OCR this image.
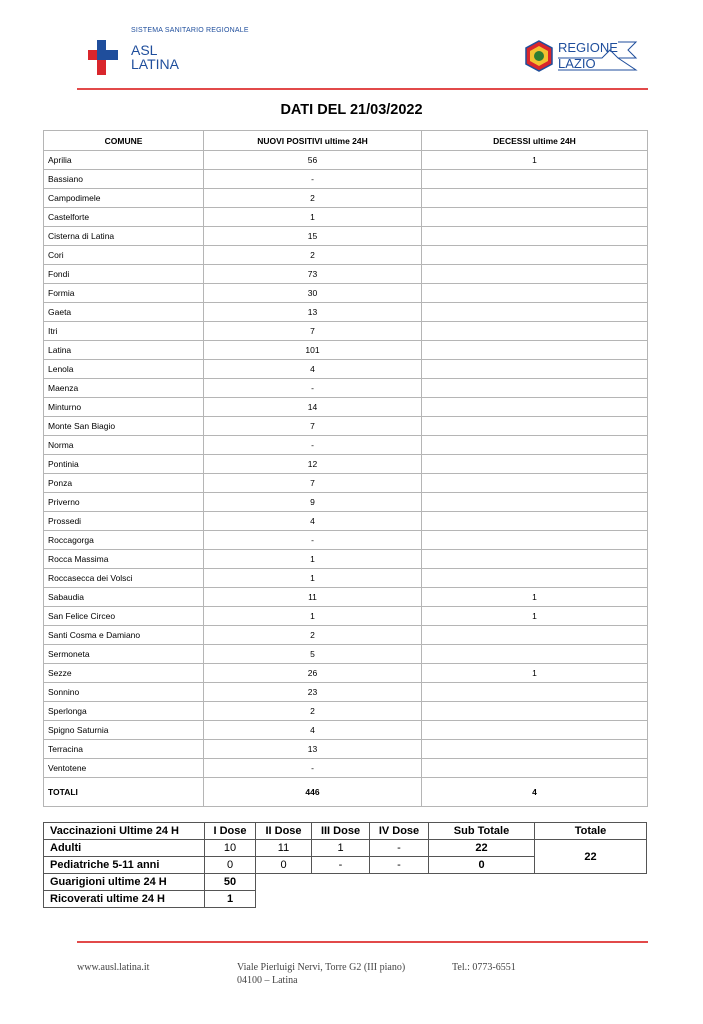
SISTEMA SANITARIO REGIONALE
ASL
LATINA
REGIONE
LAZIO
DATI DEL 21/03/2022
COMUNE	NUOVI POSITIVI ultime 24H	DECESSI ultime 24H
Aprilia	56	1
Bassiano	-	
Campodimele	2	
Castelforte	1	
Cisterna di Latina	15	
Cori	2	
Fondi	73	
Formia	30	
Gaeta	13	
Itri	7	
Latina	101	
Lenola	4	
Maenza	-	
Minturno	14	
Monte San Biagio	7	
Norma	-	
Pontinia	12	
Ponza	7	
Priverno	9	
Prossedi	4	
Roccagorga	-	
Rocca Massima	1	
Roccasecca dei Volsci	1	
Sabaudia	11	1
San Felice Circeo	1	1
Santi Cosma e Damiano	2	
Sermoneta	5	
Sezze	26	1
Sonnino	23	
Sperlonga	2	
Spigno Saturnia	4	
Terracina	13	
Ventotene	-	
TOTALI	446	4
Vaccinazioni Ultime 24 H	I Dose	II Dose	III Dose	IV Dose	Sub Totale	Totale
Adulti	10	11	1	-	22	22
Pediatriche 5-11 anni	0	0	-	-	0	
Guarigioni ultime 24 H	50					
Ricoverati ultime 24 H	1					
www.ausl.latina.it	Viale Pierluigi Nervi, Torre G2 (III piano)
04100 – Latina
Tel.: 0773-6551
